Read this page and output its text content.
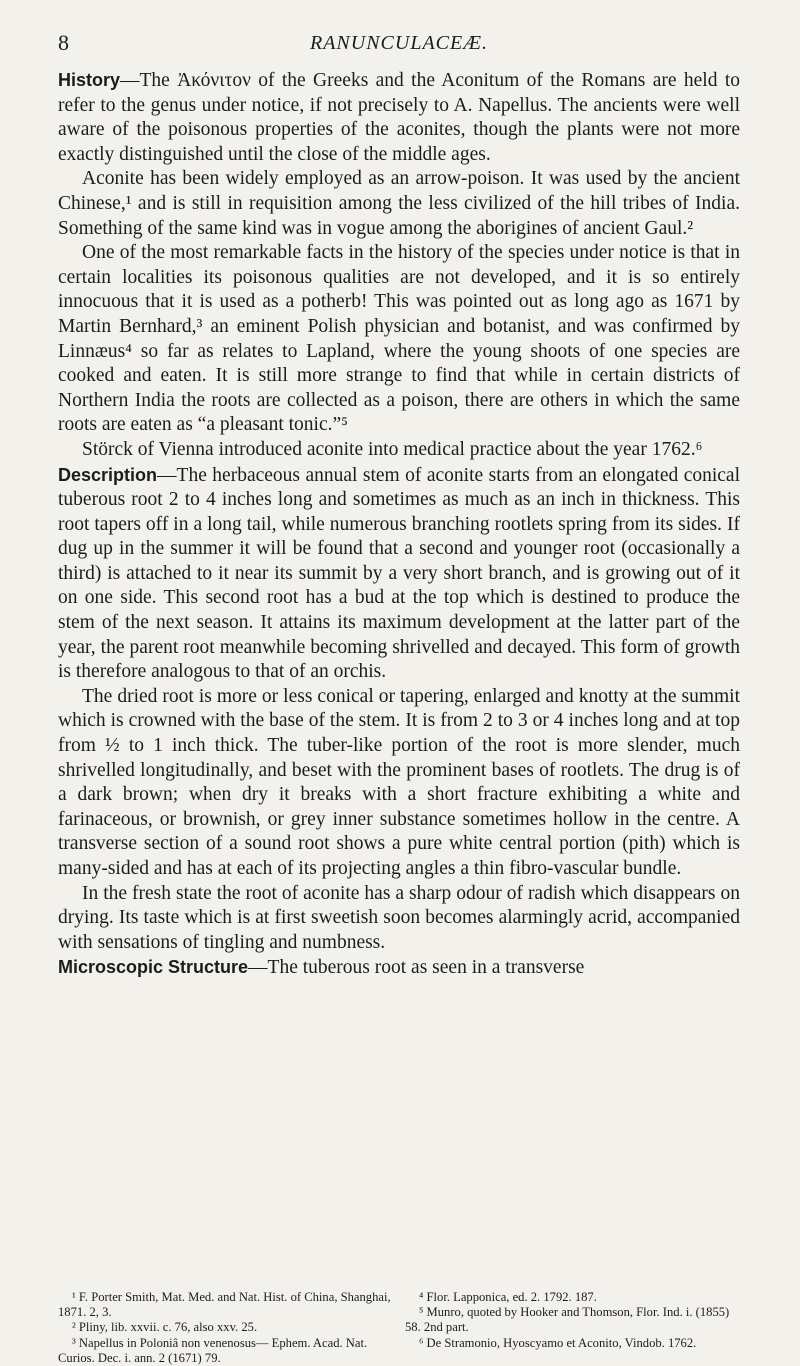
8	RANUNCULACEÆ.

History—The Ἀκόνιτον of the Greeks and the Aconitum of the Romans are held to refer to the genus under notice, if not precisely to A. Napellus. The ancients were well aware of the poisonous properties of the aconites, though the plants were not more exactly distinguished until the close of the middle ages.

Aconite has been widely employed as an arrow-poison. It was used by the ancient Chinese,¹ and is still in requisition among the less civilized of the hill tribes of India. Something of the same kind was in vogue among the aborigines of ancient Gaul.²

One of the most remarkable facts in the history of the species under notice is that in certain localities its poisonous qualities are not developed, and it is so entirely innocuous that it is used as a potherb! This was pointed out as long ago as 1671 by Martin Bernhard,³ an eminent Polish physician and botanist, and was confirmed by Linnæus⁴ so far as relates to Lapland, where the young shoots of one species are cooked and eaten. It is still more strange to find that while in certain districts of Northern India the roots are collected as a poison, there are others in which the same roots are eaten as “a pleasant tonic.”⁵

Störck of Vienna introduced aconite into medical practice about the year 1762.⁶

Description—The herbaceous annual stem of aconite starts from an elongated conical tuberous root 2 to 4 inches long and sometimes as much as an inch in thickness. This root tapers off in a long tail, while numerous branching rootlets spring from its sides. If dug up in the summer it will be found that a second and younger root (occasionally a third) is attached to it near its summit by a very short branch, and is growing out of it on one side. This second root has a bud at the top which is destined to produce the stem of the next season. It attains its maximum development at the latter part of the year, the parent root meanwhile becoming shrivelled and decayed. This form of growth is therefore analogous to that of an orchis.

The dried root is more or less conical or tapering, enlarged and knotty at the summit which is crowned with the base of the stem. It is from 2 to 3 or 4 inches long and at top from ½ to 1 inch thick. The tuber-like portion of the root is more slender, much shrivelled longitudinally, and beset with the prominent bases of rootlets. The drug is of a dark brown; when dry it breaks with a short fracture exhibiting a white and farinaceous, or brownish, or grey inner substance sometimes hollow in the centre. A transverse section of a sound root shows a pure white central portion (pith) which is many-sided and has at each of its projecting angles a thin fibro-vascular bundle.

In the fresh state the root of aconite has a sharp odour of radish which disappears on drying. Its taste which is at first sweetish soon becomes alarmingly acrid, accompanied with sensations of tingling and numbness.

Microscopic Structure—The tuberous root as seen in a transverse

¹ F. Porter Smith, Mat. Med. and Nat. Hist. of China, Shanghai, 1871. 2, 3.

² Pliny, lib. xxvii. c. 76, also xxv. 25.

³ Napellus in Poloniâ non venenosus— Ephem. Acad. Nat. Curios. Dec. i. ann. 2 (1671) 79.

⁴ Flor. Lapponica, ed. 2. 1792. 187.

⁵ Munro, quoted by Hooker and Thomson, Flor. Ind. i. (1855) 58. 2nd part.

⁶ De Stramonio, Hyoscyamo et Aconito, Vindob. 1762.
